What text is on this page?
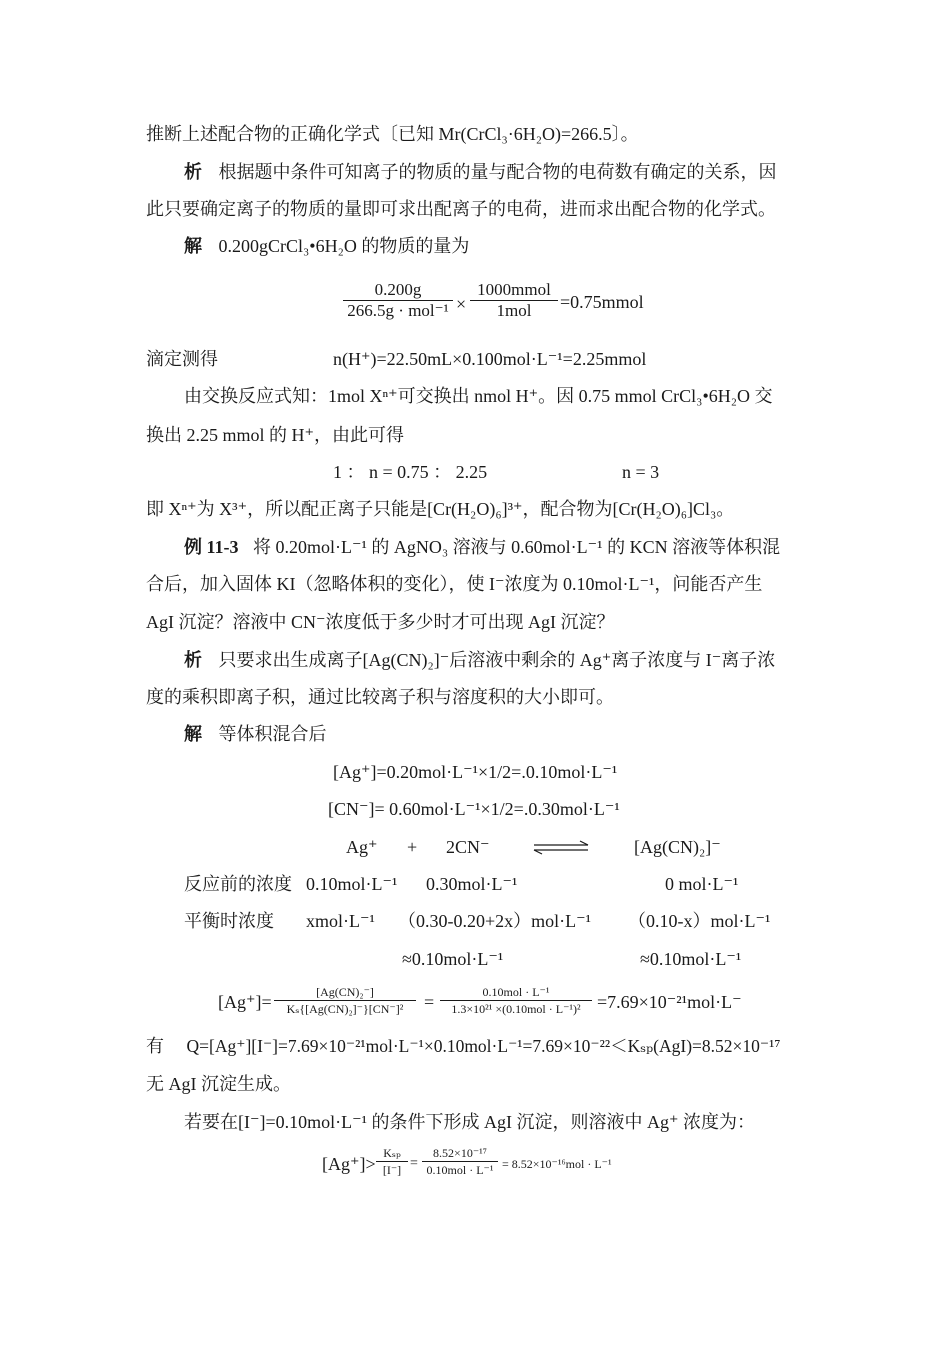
推断上述配合物的正确化学式〔已知 Mr(CrCl₃·6H₂O)=266.5〕。
析 根据题中条件可知离子的物质的量与配合物的电荷数有确定的关系，因
此只要确定离子的物质的量即可求出配离子的电荷，进而求出配合物的化学式。
解 0.200gCrCl₃•6H₂O 的物质的量为
0.200g
266.5g · mol⁻¹ ×
1000mmol
1mol	=0.75mmol
滴定测得	n(H⁺)=22.50mL×0.100mol·L⁻¹=2.25mmol
由交换反应式知：1mol Xⁿ⁺可交换出 nmol H⁺。因 0.75 mmol CrCl₃•6H₂O 交
换出 2.25 mmol 的 H⁺，由此可得
1 ： n = 0.75 ： 2.25	n = 3
即 Xⁿ⁺为 X³⁺，所以配正离子只能是[Cr(H₂O)₆]³⁺，配合物为[Cr(H₂O)₆]Cl₃。
例 11-3 将 0.20mol·L⁻¹ 的 AgNO₃ 溶液与 0.60mol·L⁻¹ 的 KCN 溶液等体积混
合后，加入固体 KI（忽略体积的变化），使 I⁻浓度为 0.10mol·L⁻¹，问能否产生
AgI 沉淀？溶液中 CN⁻浓度低于多少时才可出现 AgI 沉淀？
析 只要求出生成离子[Ag(CN)₂]⁻后溶液中剩余的 Ag⁺离子浓度与 I⁻离子浓
度的乘积即离子积，通过比较离子积与溶度积的大小即可。
解 等体积混合后
[Ag⁺]=0.20mol·L⁻¹×1/2=.0.10mol·L⁻¹
[CN⁻]= 0.60mol·L⁻¹×1/2=.0.30mol·L⁻¹
Ag⁺ + 2CN⁻	[Ag(CN)₂]⁻
反应前的浓度 0.10mol·L⁻¹ 0.30mol·L⁻¹	0 mol·L⁻¹
平衡时浓度 xmol·L⁻¹ （0.30-0.20+2x）mol·L⁻¹ （0.10-x）mol·L⁻¹
≈0.10mol·L⁻¹	≈0.10mol·L⁻¹
[Ag⁺]=	[Ag(CN)₂⁻]
Kₛ{[Ag(CN)₂]⁻}[CN⁻]²	=	0.10mol · L⁻¹
1.3×10²¹ ×(0.10mol · L⁻¹)² =7.69×10⁻²¹mol·L⁻
有 Q=[Ag⁺][I⁻]=7.69×10⁻²¹mol·L⁻¹×0.10mol·L⁻¹=7.69×10⁻²²＜Kₛₚ(AgI)=8.52×10⁻¹⁷
无 AgI 沉淀生成。
若要在[I⁻]=0.10mol·L⁻¹ 的条件下形成 AgI 沉淀，则溶液中 Ag⁺ 浓度为：
[Ag⁺]>
Kₛₚ
[I⁻] =
8.52×10⁻¹⁷
0.10mol · L⁻¹ = 8.52×10⁻¹⁶mol · L⁻¹
